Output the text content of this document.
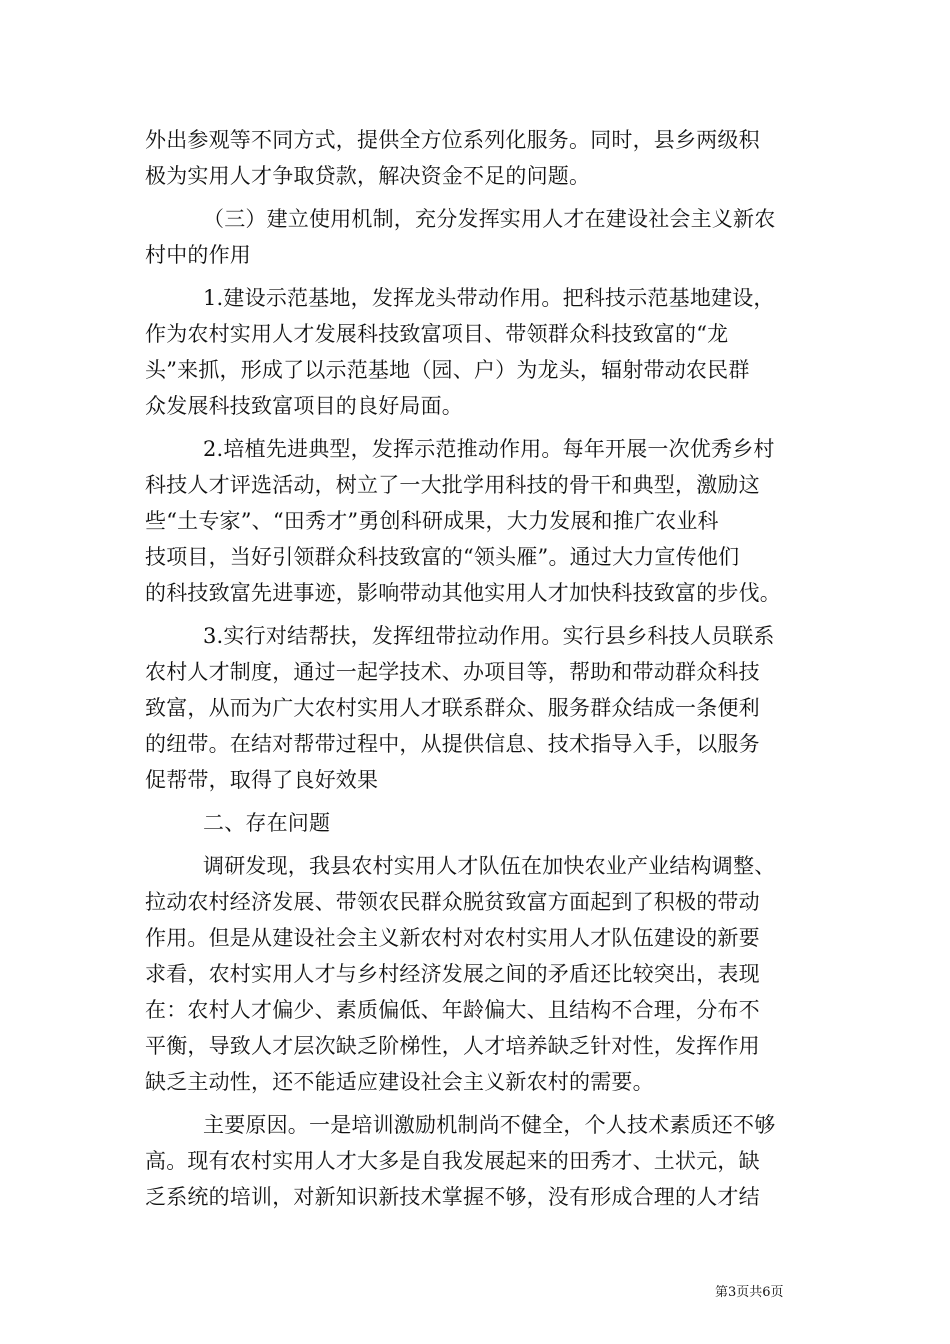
外出参观等不同方式，提供全方位系列化服务。同时，县乡两级积
极为实用人才争取贷款，解决资金不足的问题。
（三）建立使用机制，充分发挥实用人才在建设社会主义新农
村中的作用
1.建设示范基地，发挥龙头带动作用。把科技示范基地建设，
作为农村实用人才发展科技致富项目、带领群众科技致富的“龙
头”来抓，形成了以示范基地（园、户）为龙头，辐射带动农民群
众发展科技致富项目的良好局面。
2.培植先进典型，发挥示范推动作用。每年开展一次优秀乡村
科技人才评选活动，树立了一大批学用科技的骨干和典型，激励这
些“土专家”、“田秀才”勇创科研成果，大力发展和推广农业科
技项目，当好引领群众科技致富的“领头雁”。通过大力宣传他们
的科技致富先进事迹，影响带动其他实用人才加快科技致富的步伐。
3.实行对结帮扶，发挥纽带拉动作用。实行县乡科技人员联系
农村人才制度，通过一起学技术、办项目等，帮助和带动群众科技
致富，从而为广大农村实用人才联系群众、服务群众结成一条便利
的纽带。在结对帮带过程中，从提供信息、技术指导入手，以服务
促帮带，取得了良好效果
二、存在问题
调研发现，我县农村实用人才队伍在加快农业产业结构调整、
拉动农村经济发展、带领农民群众脱贫致富方面起到了积极的带动
作用。但是从建设社会主义新农村对农村实用人才队伍建设的新要
求看，农村实用人才与乡村经济发展之间的矛盾还比较突出，表现
在：农村人才偏少、素质偏低、年龄偏大、且结构不合理，分布不
平衡，导致人才层次缺乏阶梯性，人才培养缺乏针对性，发挥作用
缺乏主动性，还不能适应建设社会主义新农村的需要。
主要原因。一是培训激励机制尚不健全，个人技术素质还不够
高。现有农村实用人才大多是自我发展起来的田秀才、土状元，缺
乏系统的培训，对新知识新技术掌握不够，没有形成合理的人才结
第3页共6页
